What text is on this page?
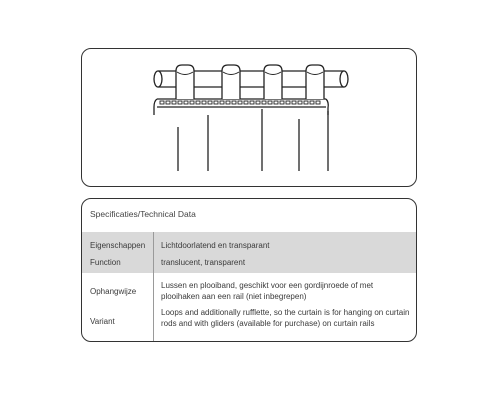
Specificaties/Technical Data
Eigenschappen Lichtdoorlatend en transparant
Function	translucent, transparent
Ophangwijze
Lussen en plooiband, geschikt voor een gordijnroede of met plooihaken aan een rail (niet inbegrepen)
Variant
Loops and additionally rufflette, so the curtain is for hanging on curtain rods and with gliders (available for purchase) on curtain rails
